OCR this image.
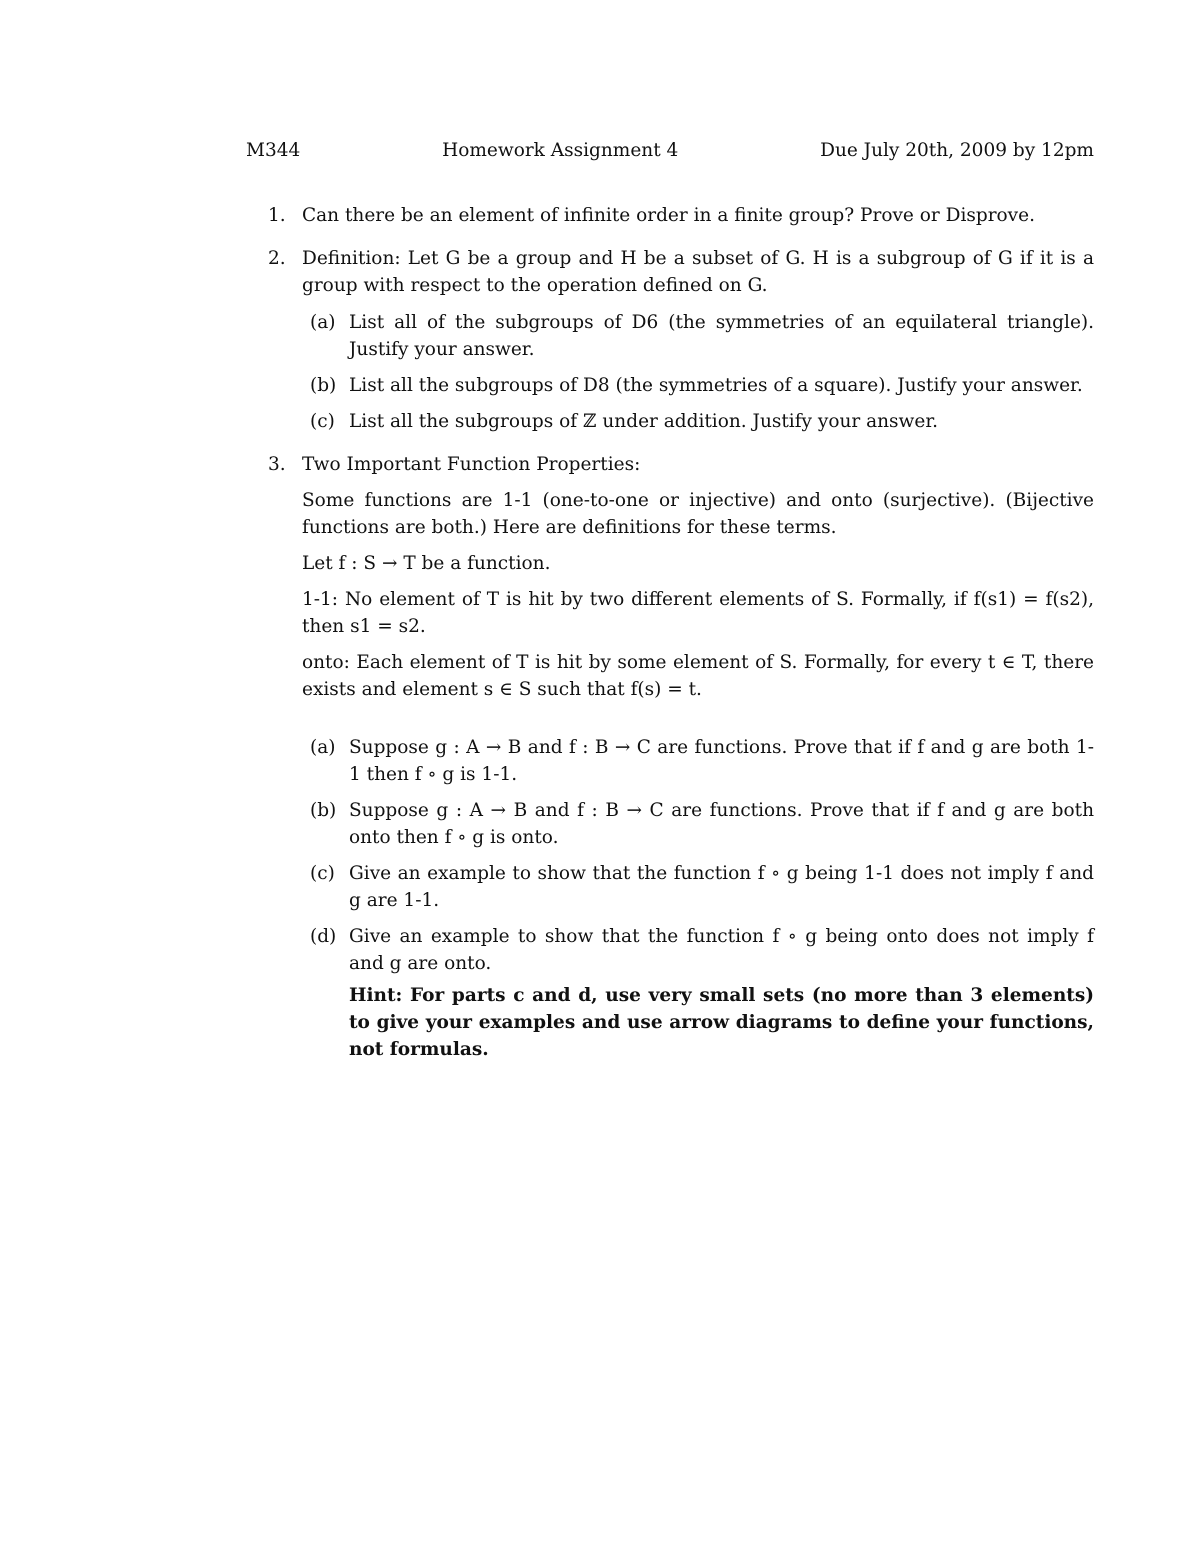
M344	Homework Assignment 4	Due July 20th, 2009 by 12pm
1. Can there be an element of infinite order in a finite group? Prove or Disprove.
2. Definition: Let G be a group and H be a subset of G. H is a subgroup of G if it is a group with respect to the operation defined on G.
(a) List all of the subgroups of D6 (the symmetries of an equilateral triangle). Justify your answer.
(b) List all the subgroups of D8 (the symmetries of a square). Justify your answer.
(c) List all the subgroups of ℤ under addition. Justify your answer.
3. Two Important Function Properties:
Some functions are 1-1 (one-to-one or injective) and onto (surjective). (Bijective functions are both.) Here are definitions for these terms.
Let f : S → T be a function.
1-1: No element of T is hit by two different elements of S. Formally, if f(s1) = f(s2), then s1 = s2.
onto: Each element of T is hit by some element of S. Formally, for every t ∈ T, there exists and element s ∈ S such that f(s) = t.
(a) Suppose g : A → B and f : B → C are functions. Prove that if f and g are both 1-1 then f ∘ g is 1-1.
(b) Suppose g : A → B and f : B → C are functions. Prove that if f and g are both onto then f ∘ g is onto.
(c) Give an example to show that the function f ∘ g being 1-1 does not imply f and g are 1-1.
(d) Give an example to show that the function f ∘ g being onto does not imply f and g are onto.
Hint: For parts c and d, use very small sets (no more than 3 elements) to give your examples and use arrow diagrams to define your functions, not formulas.
